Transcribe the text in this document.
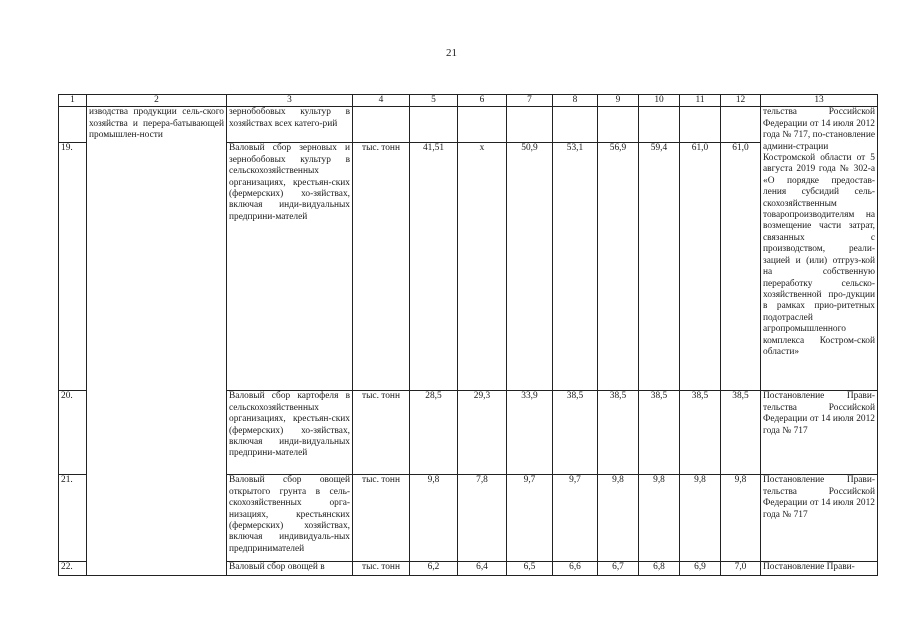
21
1	2	3	4	5	6	7	8	9	10	11	12	13
	изводства продукции сель-ского хозяйства и перера-батывающей промышлен-ности	зернобобовых культур в хозяйствах всех катего-рий										тельства Российской Федерации от 14 июля 2012 года № 717, по-становление админи-страции Костромской области от 5 августа 2019 года № 302-а «О порядке предостав-ления субсидий сель-скохозяйственным товаропроизводителям на возмещение части затрат, связанных с производством, реали-зацией и (или) отгруз-кой на собственную переработку сельско-хозяйственной про-дукции в рамках прио-ритетных подотраслей агропромышленного комплекса Костром-ской области»
19.		Валовый сбор зерновых и зернобобовых культур в сельскохозяйственных организациях, крестьян-ских (фермерских) хо-зяйствах, включая инди-видуальных предприни-мателей	тыс. тонн	41,51	х	50,9	53,1	56,9	59,4	61,0	61,0	
20.		Валовый сбор картофеля в сельскохозяйственных организациях, крестьян-ских (фермерских) хо-зяйствах, включая инди-видуальных предприни-мателей	тыс. тонн	28,5	29,3	33,9	38,5	38,5	38,5	38,5	38,5	Постановление Прави-тельства Российской Федерации от 14 июля 2012 года № 717
21.		Валовый сбор овощей открытого грунта в сель-скохозяйственных орга-низациях, крестьянских (фермерских) хозяйствах, включая индивидуаль-ных предпринимателей	тыс. тонн	9,8	7,8	9,7	9,7	9,8	9,8	9,8	9,8	Постановление Прави-тельства Российской Федерации от 14 июля 2012 года № 717
22.		Валовый сбор овощей в	тыс. тонн	6,2	6,4	6,5	6,6	6,7	6,8	6,9	7,0	Постановление Прави-
